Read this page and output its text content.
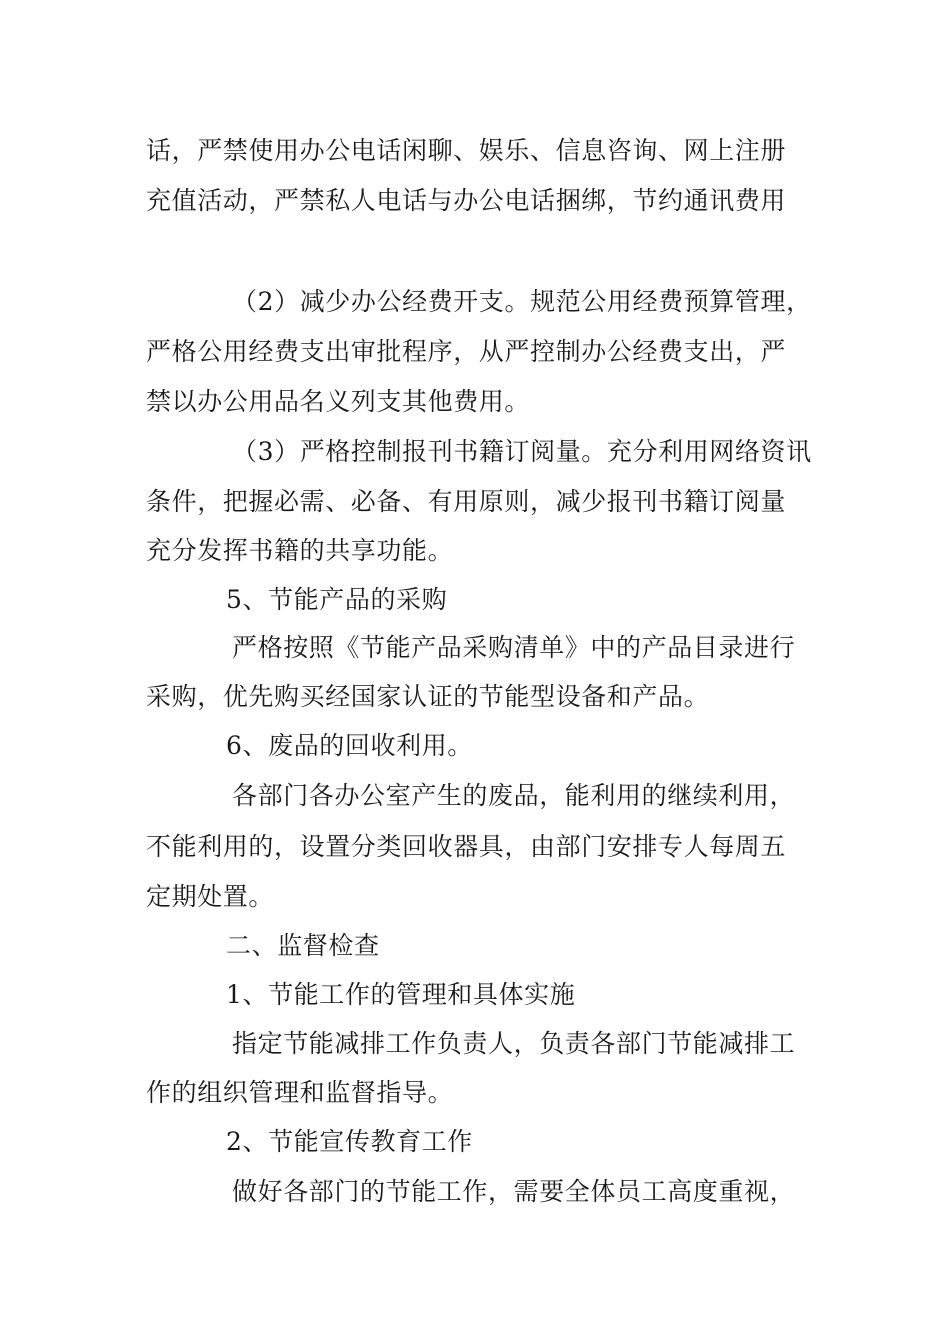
话，严禁使用办公电话闲聊、娱乐、信息咨询、网上注册
充值活动，严禁私人电话与办公电话捆绑，节约通讯费用
（2）减少办公经费开支。规范公用经费预算管理，
严格公用经费支出审批程序，从严控制办公经费支出，严
禁以办公用品名义列支其他费用。
（3）严格控制报刊书籍订阅量。充分利用网络资讯
条件，把握必需、必备、有用原则，减少报刊书籍订阅量
充分发挥书籍的共享功能。
5、节能产品的采购
严格按照《节能产品采购清单》中的产品目录进行
采购，优先购买经国家认证的节能型设备和产品。
6、废品的回收利用。
各部门各办公室产生的废品，能利用的继续利用，
不能利用的，设置分类回收器具，由部门安排专人每周五
定期处置。
二、监督检查
1、节能工作的管理和具体实施
指定节能减排工作负责人，负责各部门节能减排工
作的组织管理和监督指导。
2、节能宣传教育工作
做好各部门的节能工作，需要全体员工高度重视，
